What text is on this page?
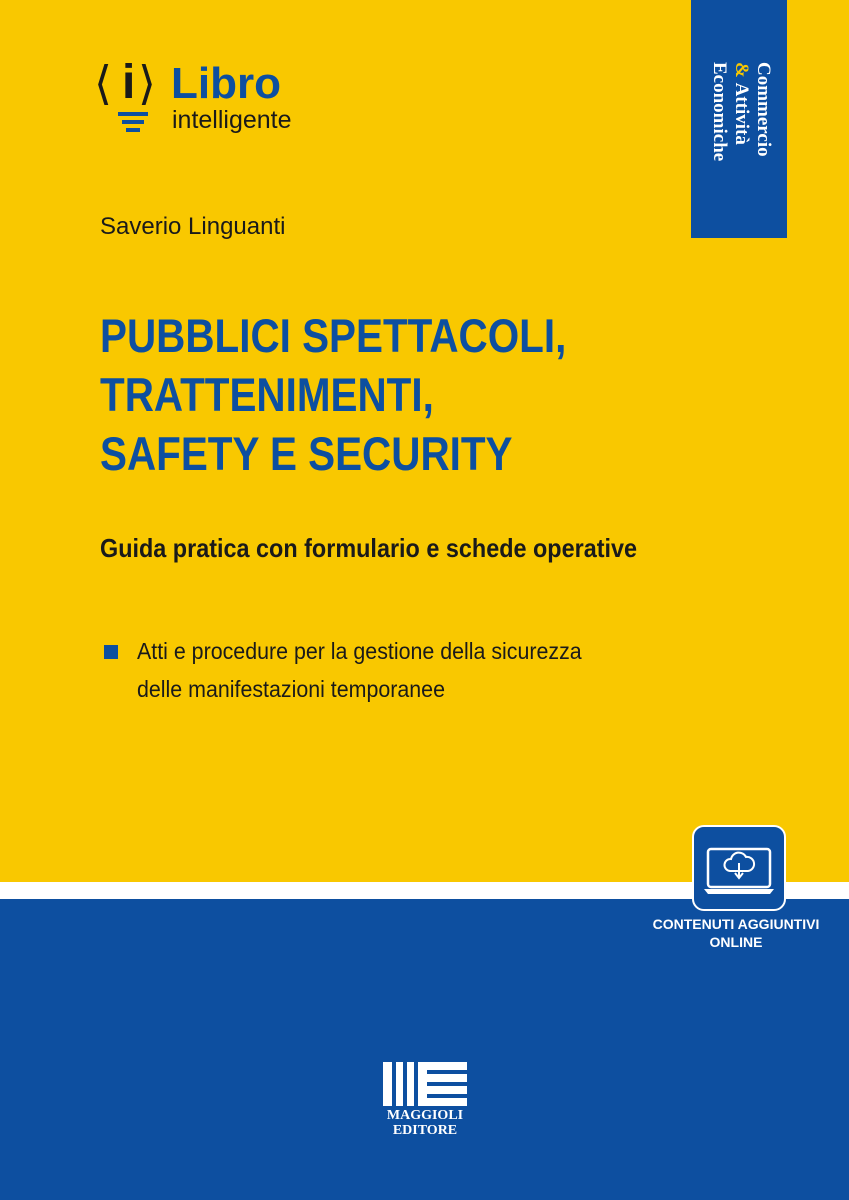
⟨ i ⟩ Libro
intelligente	Commercio
& Attività
Economiche
Saverio Linguanti
PUBBLICI SPETTACOLI,
TRATTENIMENTI,
SAFETY E SECURITY
Guida pratica con formulario e schede operative
Atti e procedure per la gestione della sicurezza
delle manifestazioni temporanee
CONTENUTI AGGIUNTIVI
ONLINE
MAGGIOLI
EDITORE
